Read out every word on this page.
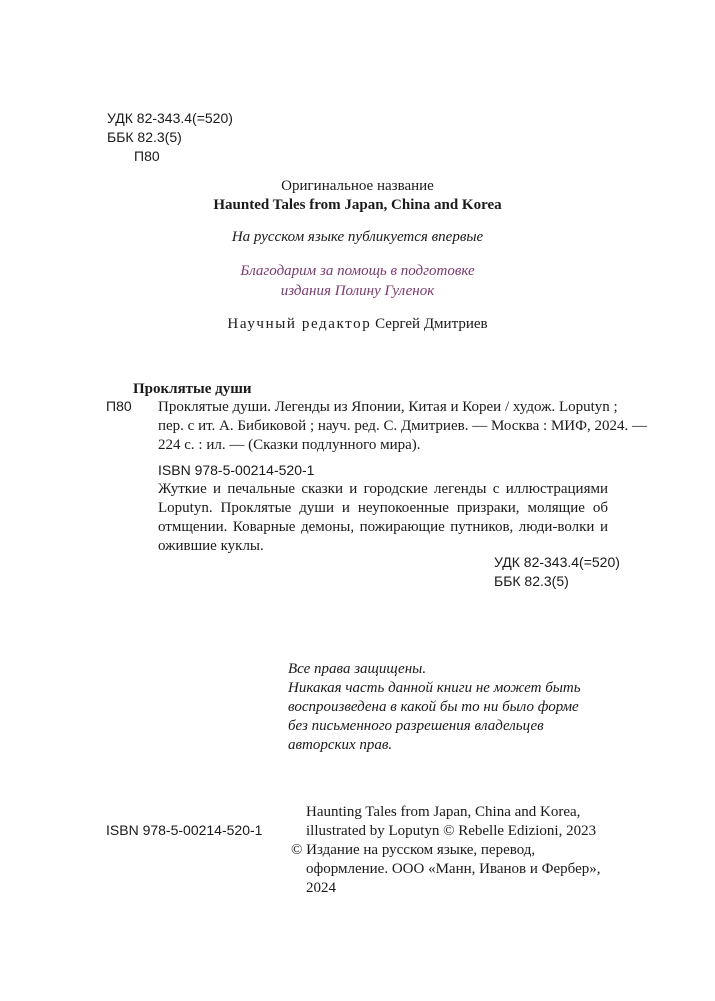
УДК 82-343.4(=520)
ББК 82.3(5)
П80
Оригинальное название
Haunted Tales from Japan, China and Korea
На русском языке публикуется впервые
Благодарим за помощь в подготовке
издания Полину Гуленок
Научный редактор Сергей Дмитриев
Проклятые души
П80 Проклятые души. Легенды из Японии, Китая и Кореи / худож. Loputyn ;
пер. с ит. А. Бибиковой ; науч. ред. С. Дмитриев. — Москва : МИФ, 2024. —
224 с. : ил. — (Сказки подлунного мира).
ISBN 978-5-00214-520-1
Жуткие и печальные сказки и городские легенды с иллюстрациями Loputyn. Проклятые души и неупокоенные призраки, молящие об отмщении. Коварные демоны, пожирающие путников, люди-волки и ожившие куклы.
УДК 82-343.4(=520)
ББК 82.3(5)
Все права защищены.
Никакая часть данной книги не может быть
воспроизведена в какой бы то ни было форме
без письменного разрешения владельцев
авторских прав.
ISBN 978-5-00214-520-1
Haunting Tales from Japan, China and Korea,
illustrated by Loputyn © Rebelle Edizioni, 2023
© Издание на русском языке, перевод,
оформление. ООО «Манн, Иванов и Фербер»,
2024
